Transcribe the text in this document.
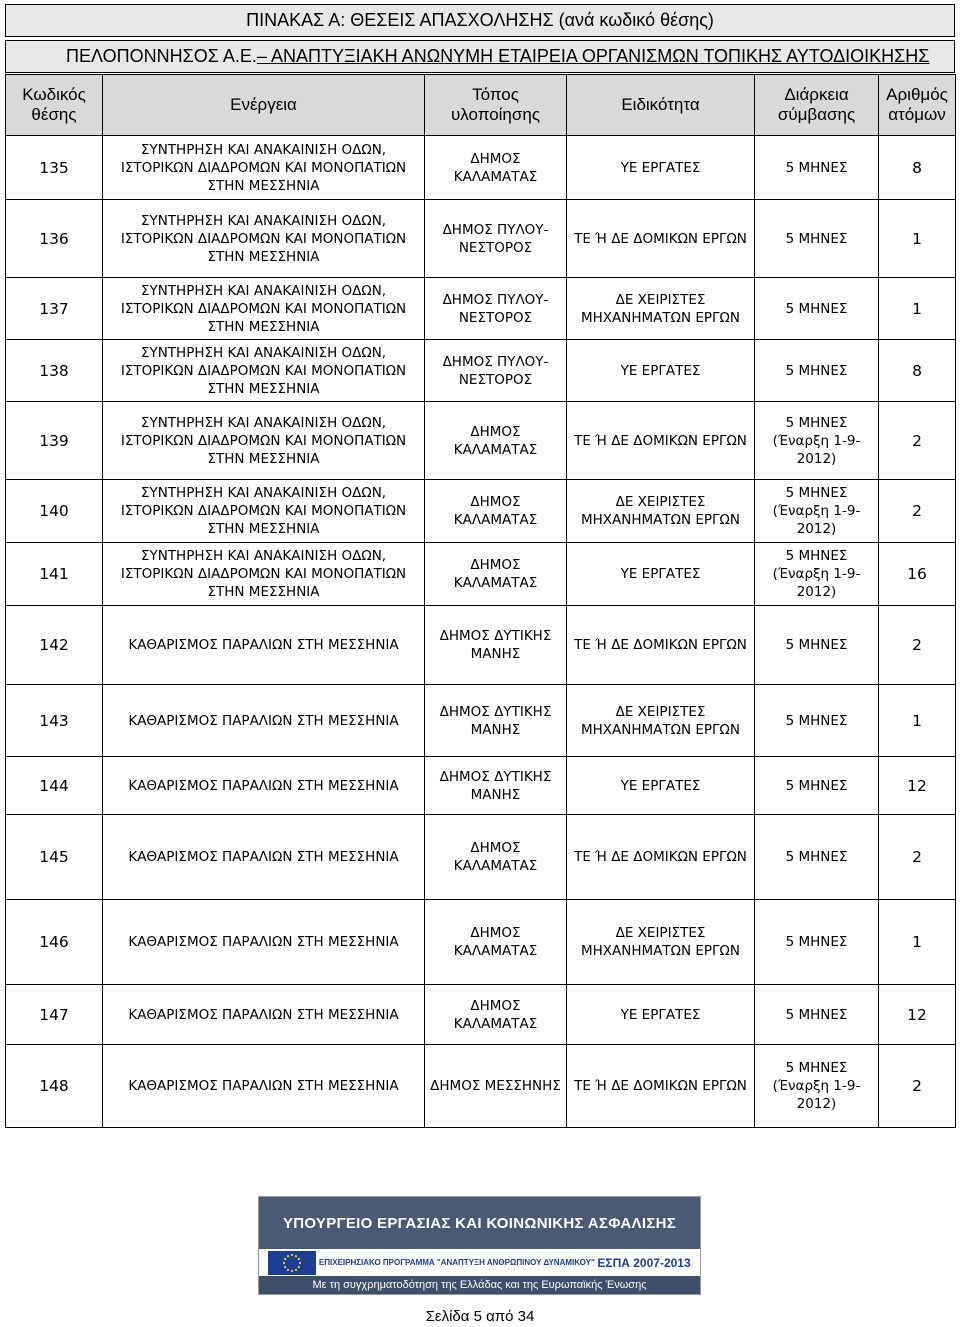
ΠΙΝΑΚΑΣ Α: ΘΕΣΕΙΣ ΑΠΑΣΧΟΛΗΣΗΣ (ανά κωδικό θέσης)
ΠΕΛΟΠΟΝΝΗΣΟΣ Α.Ε. – ΑΝΑΠΤΥΞΙΑΚΗ ΑΝΩΝΥΜΗ ΕΤΑΙΡΕΙΑ ΟΡΓΑΝΙΣΜΩΝ ΤΟΠΙΚΗΣ ΑΥΤΟΔΙΟΙΚΗΣΗΣ
Κωδικός θέσης	Ενέργεια	Τόπος υλοποίησης	Ειδικότητα	Διάρκεια σύμβασης	Αριθμός ατόμων
135	ΣΥΝΤΗΡΗΣΗ ΚΑΙ ΑΝΑΚΑΙΝΙΣΗ ΟΔΩΝ, ΙΣΤΟΡΙΚΩΝ ΔΙΑΔΡΟΜΩΝ ΚΑΙ ΜΟΝΟΠΑΤΙΩΝ ΣΤΗΝ ΜΕΣΣΗΝΙΑ	ΔΗΜΟΣ ΚΑΛΑΜΑΤΑΣ	ΥΕ ΕΡΓΑΤΕΣ	5 ΜΗΝΕΣ	8
136	ΣΥΝΤΗΡΗΣΗ ΚΑΙ ΑΝΑΚΑΙΝΙΣΗ ΟΔΩΝ, ΙΣΤΟΡΙΚΩΝ ΔΙΑΔΡΟΜΩΝ ΚΑΙ ΜΟΝΟΠΑΤΙΩΝ ΣΤΗΝ ΜΕΣΣΗΝΙΑ	ΔΗΜΟΣ ΠΥΛΟΥ-ΝΕΣΤΟΡΟΣ	ΤΕ Ή ΔΕ ΔΟΜΙΚΩΝ ΕΡΓΩΝ	5 ΜΗΝΕΣ	1
137	ΣΥΝΤΗΡΗΣΗ ΚΑΙ ΑΝΑΚΑΙΝΙΣΗ ΟΔΩΝ, ΙΣΤΟΡΙΚΩΝ ΔΙΑΔΡΟΜΩΝ ΚΑΙ ΜΟΝΟΠΑΤΙΩΝ ΣΤΗΝ ΜΕΣΣΗΝΙΑ	ΔΗΜΟΣ ΠΥΛΟΥ-ΝΕΣΤΟΡΟΣ	ΔΕ ΧΕΙΡΙΣΤΕΣ ΜΗΧΑΝΗΜΑΤΩΝ ΕΡΓΩΝ	5 ΜΗΝΕΣ	1
138	ΣΥΝΤΗΡΗΣΗ ΚΑΙ ΑΝΑΚΑΙΝΙΣΗ ΟΔΩΝ, ΙΣΤΟΡΙΚΩΝ ΔΙΑΔΡΟΜΩΝ ΚΑΙ ΜΟΝΟΠΑΤΙΩΝ ΣΤΗΝ ΜΕΣΣΗΝΙΑ	ΔΗΜΟΣ ΠΥΛΟΥ-ΝΕΣΤΟΡΟΣ	ΥΕ ΕΡΓΑΤΕΣ	5 ΜΗΝΕΣ	8
139	ΣΥΝΤΗΡΗΣΗ ΚΑΙ ΑΝΑΚΑΙΝΙΣΗ ΟΔΩΝ, ΙΣΤΟΡΙΚΩΝ ΔΙΑΔΡΟΜΩΝ ΚΑΙ ΜΟΝΟΠΑΤΙΩΝ ΣΤΗΝ ΜΕΣΣΗΝΙΑ	ΔΗΜΟΣ ΚΑΛΑΜΑΤΑΣ	ΤΕ Ή ΔΕ ΔΟΜΙΚΩΝ ΕΡΓΩΝ	5 ΜΗΝΕΣ (Έναρξη 1-9-2012)	2
140	ΣΥΝΤΗΡΗΣΗ ΚΑΙ ΑΝΑΚΑΙΝΙΣΗ ΟΔΩΝ, ΙΣΤΟΡΙΚΩΝ ΔΙΑΔΡΟΜΩΝ ΚΑΙ ΜΟΝΟΠΑΤΙΩΝ ΣΤΗΝ ΜΕΣΣΗΝΙΑ	ΔΗΜΟΣ ΚΑΛΑΜΑΤΑΣ	ΔΕ ΧΕΙΡΙΣΤΕΣ ΜΗΧΑΝΗΜΑΤΩΝ ΕΡΓΩΝ	5 ΜΗΝΕΣ (Έναρξη 1-9-2012)	2
141	ΣΥΝΤΗΡΗΣΗ ΚΑΙ ΑΝΑΚΑΙΝΙΣΗ ΟΔΩΝ, ΙΣΤΟΡΙΚΩΝ ΔΙΑΔΡΟΜΩΝ ΚΑΙ ΜΟΝΟΠΑΤΙΩΝ ΣΤΗΝ ΜΕΣΣΗΝΙΑ	ΔΗΜΟΣ ΚΑΛΑΜΑΤΑΣ	ΥΕ ΕΡΓΑΤΕΣ	5 ΜΗΝΕΣ (Έναρξη 1-9-2012)	16
142	ΚΑΘΑΡΙΣΜΟΣ ΠΑΡΑΛΙΩΝ ΣΤΗ ΜΕΣΣΗΝΙΑ	ΔΗΜΟΣ ΔΥΤΙΚΗΣ ΜΑΝΗΣ	ΤΕ Ή ΔΕ ΔΟΜΙΚΩΝ ΕΡΓΩΝ	5 ΜΗΝΕΣ	2
143	ΚΑΘΑΡΙΣΜΟΣ ΠΑΡΑΛΙΩΝ ΣΤΗ ΜΕΣΣΗΝΙΑ	ΔΗΜΟΣ ΔΥΤΙΚΗΣ ΜΑΝΗΣ	ΔΕ ΧΕΙΡΙΣΤΕΣ ΜΗΧΑΝΗΜΑΤΩΝ ΕΡΓΩΝ	5 ΜΗΝΕΣ	1
144	ΚΑΘΑΡΙΣΜΟΣ ΠΑΡΑΛΙΩΝ ΣΤΗ ΜΕΣΣΗΝΙΑ	ΔΗΜΟΣ ΔΥΤΙΚΗΣ ΜΑΝΗΣ	ΥΕ ΕΡΓΑΤΕΣ	5 ΜΗΝΕΣ	12
145	ΚΑΘΑΡΙΣΜΟΣ ΠΑΡΑΛΙΩΝ ΣΤΗ ΜΕΣΣΗΝΙΑ	ΔΗΜΟΣ ΚΑΛΑΜΑΤΑΣ	ΤΕ Ή ΔΕ ΔΟΜΙΚΩΝ ΕΡΓΩΝ	5 ΜΗΝΕΣ	2
146	ΚΑΘΑΡΙΣΜΟΣ ΠΑΡΑΛΙΩΝ ΣΤΗ ΜΕΣΣΗΝΙΑ	ΔΗΜΟΣ ΚΑΛΑΜΑΤΑΣ	ΔΕ ΧΕΙΡΙΣΤΕΣ ΜΗΧΑΝΗΜΑΤΩΝ ΕΡΓΩΝ	5 ΜΗΝΕΣ	1
147	ΚΑΘΑΡΙΣΜΟΣ ΠΑΡΑΛΙΩΝ ΣΤΗ ΜΕΣΣΗΝΙΑ	ΔΗΜΟΣ ΚΑΛΑΜΑΤΑΣ	ΥΕ ΕΡΓΑΤΕΣ	5 ΜΗΝΕΣ	12
148	ΚΑΘΑΡΙΣΜΟΣ ΠΑΡΑΛΙΩΝ ΣΤΗ ΜΕΣΣΗΝΙΑ	ΔΗΜΟΣ ΜΕΣΣΗΝΗΣ	ΤΕ Ή ΔΕ ΔΟΜΙΚΩΝ ΕΡΓΩΝ	5 ΜΗΝΕΣ (Έναρξη 1-9-2012)	2
ΥΠΟΥΡΓΕΙΟ ΕΡΓΑΣΙΑΣ ΚΑΙ ΚΟΙΝΩΝΙΚΗΣ ΑΣΦΑΛΙΣΗΣ
ΕΠΙΧΕΙΡΗΣΙΑΚΟ ΠΡΟΓΡΑΜΜΑ "ΑΝΑΠΤΥΞΗ ΑΝΘΡΩΠΙΝΟΥ ΔΥΝΑΜΙΚΟΥ" ΕΣΠΑ 2007-2013
Με τη συγχρηματοδότηση της Ελλάδας και της Ευρωπαϊκής Ένωσης
Σελίδα 5 από 34
